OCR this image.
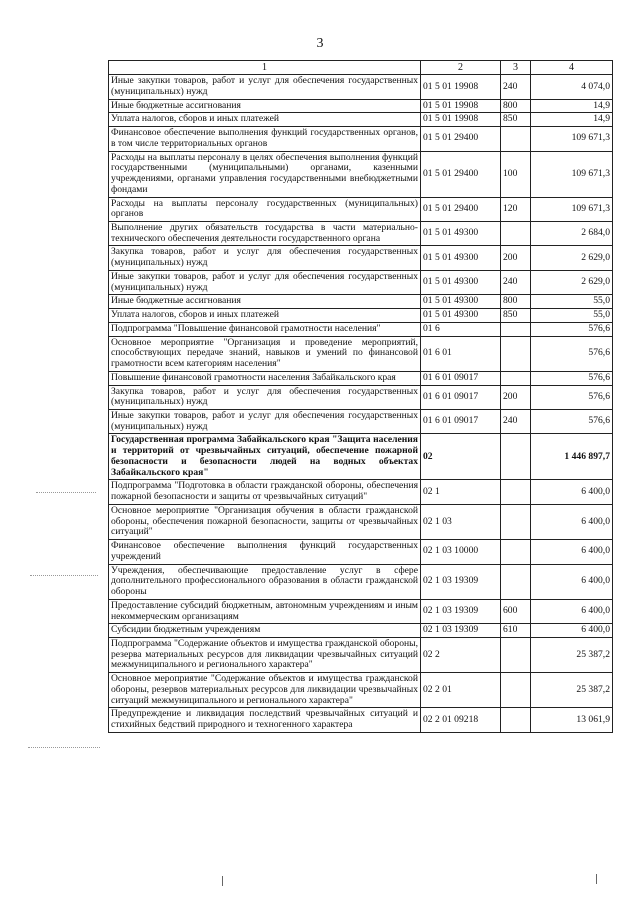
3
1	2	3	4
Иные закупки товаров, работ и услуг для обеспечения государственных (муниципальных) нужд	01 5 01 19908	240	4 074,0
Иные бюджетные ассигнования	01 5 01 19908	800	14,9
Уплата налогов, сборов и иных платежей	01 5 01 19908	850	14,9
Финансовое обеспечение выполнения функций государственных органов, в том числе территориальных органов	01 5 01 29400		109 671,3
Расходы на выплаты персоналу в целях обеспечения выполнения функций государственными (муниципальными) органами, казенными учреждениями, органами управления государственными внебюджетными фондами	01 5 01 29400	100	109 671,3
Расходы на выплаты персоналу государственных (муниципальных) органов	01 5 01 29400	120	109 671,3
Выполнение других обязательств государства в части материально-технического обеспечения деятельности государственного органа	01 5 01 49300		2 684,0
Закупка товаров, работ и услуг для обеспечения государственных (муниципальных) нужд	01 5 01 49300	200	2 629,0
Иные закупки товаров, работ и услуг для обеспечения государственных (муниципальных) нужд	01 5 01 49300	240	2 629,0
Иные бюджетные ассигнования	01 5 01 49300	800	55,0
Уплата налогов, сборов и иных платежей	01 5 01 49300	850	55,0
Подпрограмма "Повышение финансовой грамотности населения"	01 6		576,6
Основное мероприятие "Организация и проведение мероприятий, способствующих передаче знаний, навыков и умений по финансовой грамотности всем категориям населения"	01 6 01		576,6
Повышение финансовой грамотности населения Забайкальского края	01 6 01 09017		576,6
Закупка товаров, работ и услуг для обеспечения государственных (муниципальных) нужд	01 6 01 09017	200	576,6
Иные закупки товаров, работ и услуг для обеспечения государственных (муниципальных) нужд	01 6 01 09017	240	576,6
Государственная программа Забайкальского края "Защита населения и территорий от чрезвычайных ситуаций, обеспечение пожарной безопасности и безопасности людей на водных объектах Забайкальского края"	02		1 446 897,7
Подпрограмма "Подготовка в области гражданской обороны, обеспечения пожарной безопасности и защиты от чрезвычайных ситуаций"	02 1		6 400,0
Основное мероприятие "Организация обучения в области гражданской обороны, обеспечения пожарной безопасности, защиты от чрезвычайных ситуаций"	02 1 03		6 400,0
Финансовое обеспечение выполнения функций государственных учреждений	02 1 03 10000		6 400,0
Учреждения, обеспечивающие предоставление услуг в сфере дополнительного профессионального образования в области гражданской обороны	02 1 03 19309		6 400,0
Предоставление субсидий бюджетным, автономным учреждениям и иным некоммерческим организациям	02 1 03 19309	600	6 400,0
Субсидии бюджетным учреждениям	02 1 03 19309	610	6 400,0
Подпрограмма "Содержание объектов и имущества гражданской обороны, резерва материальных ресурсов для ликвидации чрезвычайных ситуаций межмуниципального и регионального характера"	02 2		25 387,2
Основное мероприятие "Содержание объектов и имущества гражданской обороны, резервов материальных ресурсов для ликвидации чрезвычайных ситуаций межмуниципального и регионального характера"	02 2 01		25 387,2
Предупреждение и ликвидация последствий чрезвычайных ситуаций и стихийных бедствий природного и техногенного характера	02 2 01 09218		13 061,9
